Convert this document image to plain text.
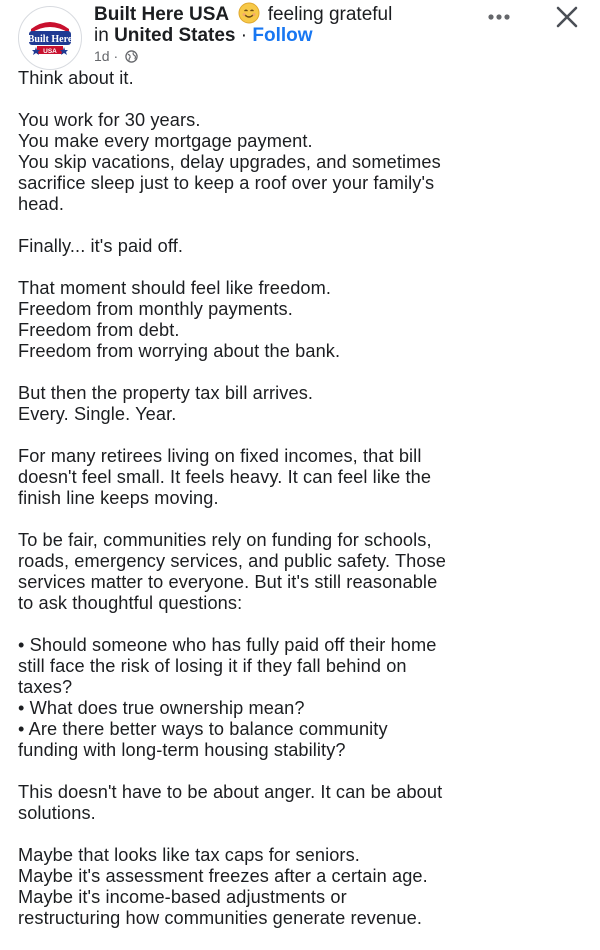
Built Here
USA
Built Here USA feeling grateful
in United States · Follow
1d ·

Think about it.

You work for 30 years.
You make every mortgage payment.
You skip vacations, delay upgrades, and sometimes
sacrifice sleep just to keep a roof over your family's
head.

Finally... it's paid off.

That moment should feel like freedom.
Freedom from monthly payments.
Freedom from debt.
Freedom from worrying about the bank.

But then the property tax bill arrives.
Every. Single. Year.

For many retirees living on fixed incomes, that bill
doesn't feel small. It feels heavy. It can feel like the
finish line keeps moving.

To be fair, communities rely on funding for schools,
roads, emergency services, and public safety. Those
services matter to everyone. But it's still reasonable
to ask thoughtful questions:

• Should someone who has fully paid off their home
still face the risk of losing it if they fall behind on
taxes?
• What does true ownership mean?
• Are there better ways to balance community
funding with long-term housing stability?

This doesn't have to be about anger. It can be about
solutions.

Maybe that looks like tax caps for seniors.
Maybe it's assessment freezes after a certain age.
Maybe it's income-based adjustments or
restructuring how communities generate revenue.
